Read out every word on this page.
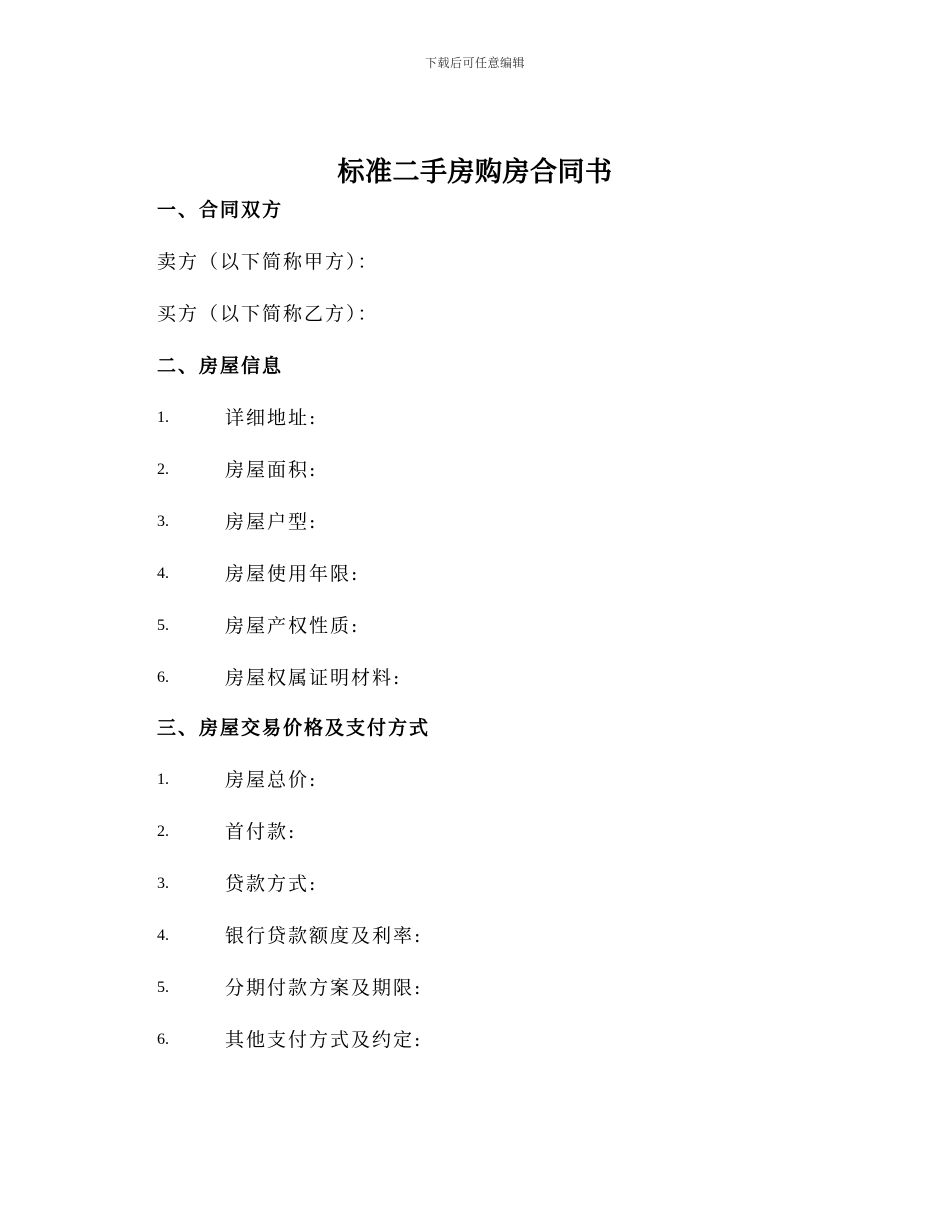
下载后可任意编辑
标准二手房购房合同书
一、合同双方
卖方（以下简称甲方）：
买方（以下简称乙方）：
二、房屋信息
1.	详细地址:
2.	房屋面积:
3.	房屋户型:
4.	房屋使用年限:
5.	房屋产权性质:
6.	房屋权属证明材料:
三、房屋交易价格及支付方式
1.	房屋总价:
2.	首付款:
3.	贷款方式:
4.	银行贷款额度及利率:
5.	分期付款方案及期限:
6.	其他支付方式及约定:
